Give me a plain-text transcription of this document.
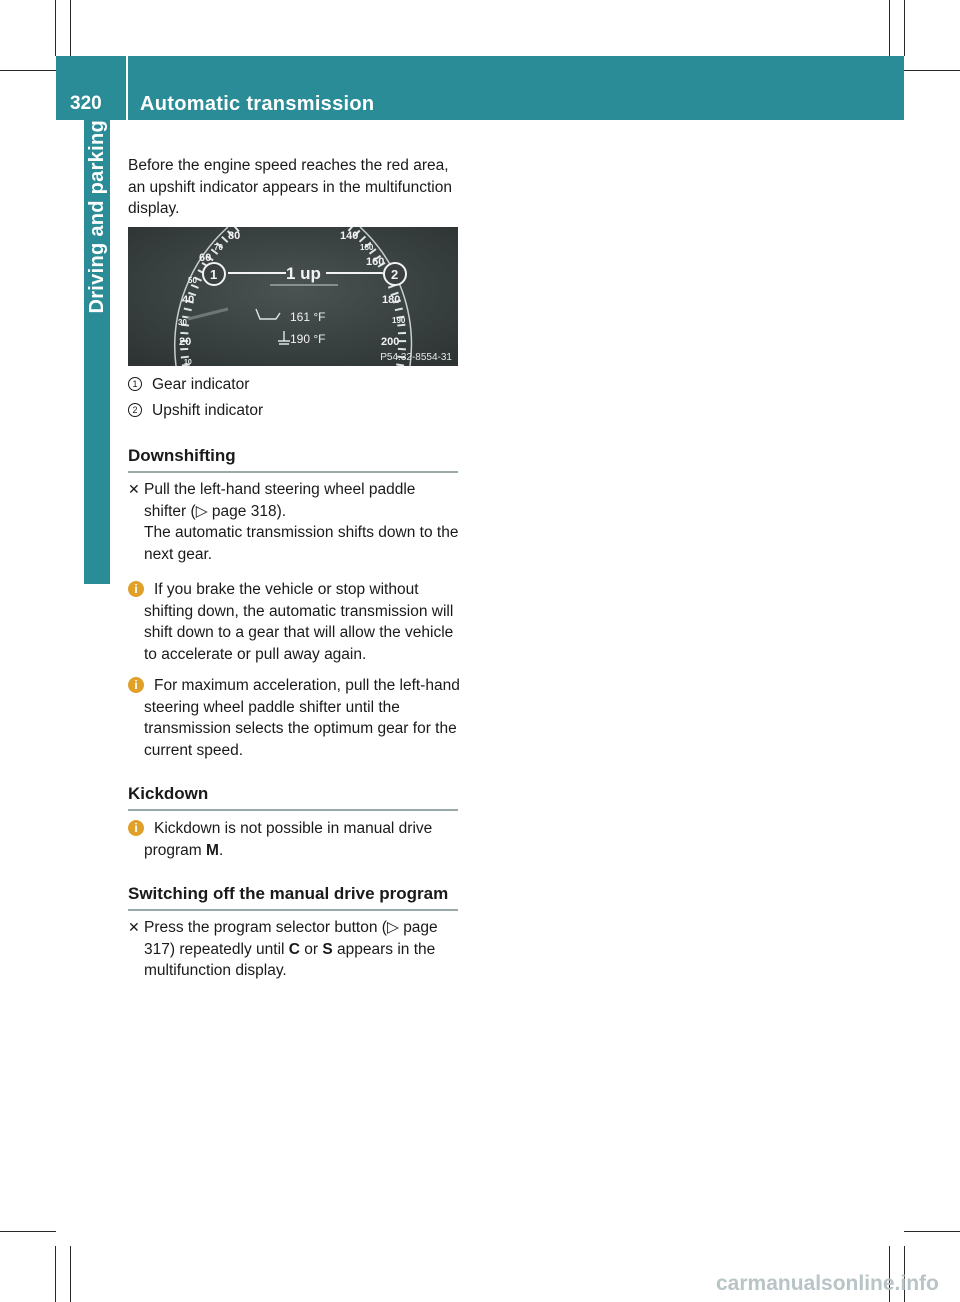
320	Automatic transmission
Driving and parking Before the engine speed reaches the red area, an upshift indicator appears in the multifunction display.
80
70
60
50
40
30
20
10
140
150
160
180
190
200
1	2
1 up
161 °F
190 °F
P54.32-8554-31
1 Gear indicator
2 Upshift indicator
Downshifting
✕ Pull the left-hand steering wheel paddle shifter (▷ page 318).
The automatic transmission shifts down to the next gear.
i	If you brake the vehicle or stop without shifting down, the automatic transmission will shift down to a gear that will allow the vehicle to accelerate or pull away again.
i	For maximum acceleration, pull the left-hand steering wheel paddle shifter until the transmission selects the optimum gear for the current speed.
Kickdown
i	Kickdown is not possible in manual drive program M.
Switching off the manual drive program
✕ Press the program selector button (▷ page 317) repeatedly until C or S appears in the multifunction display.
carmanualsonline.info
